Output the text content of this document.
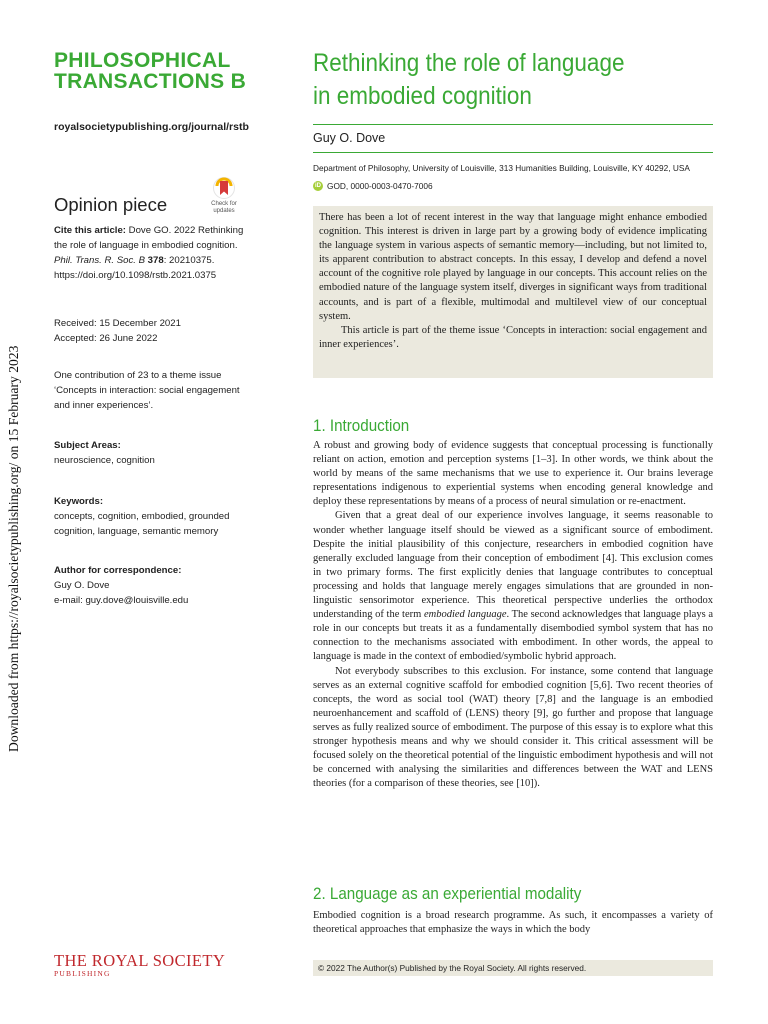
Downloaded from https://royalsocietypublishing.org/ on 15 February 2023
PHILOSOPHICAL
TRANSACTIONS B
royalsocietypublishing.org/journal/rstb
Opinion piece	Check for
updates
Cite this article: Dove GO. 2022 Rethinking the role of language in embodied cognition. Phil. Trans. R. Soc. B 378: 20210375.
https://doi.org/10.1098/rstb.2021.0375
Received: 15 December 2021
Accepted: 26 June 2022
One contribution of 23 to a theme issue ‘Concepts in interaction: social engagement and inner experiences’.
Subject Areas:
neuroscience, cognition
Keywords:
concepts, cognition, embodied, grounded cognition, language, semantic memory
Author for correspondence:
Guy O. Dove
e-mail: guy.dove@louisville.edu
Rethinking the role of language
in embodied cognition
Guy O. Dove
Department of Philosophy, University of Louisville, 313 Humanities Building, Louisville, KY 40292, USA
iD GOD, 0000-0003-0470-7006

There has been a lot of recent interest in the way that language might enhance embodied cognition. This interest is driven in large part by a growing body of evidence implicating the language system in various aspects of semantic memory—including, but not limited to, its apparent contribution to abstract concepts. In this essay, I develop and defend a novel account of the cognitive role played by language in our concepts. This account relies on the embodied nature of the language system itself, diverges in significant ways from traditional accounts, and is part of a flexible, multimodal and multilevel view of our conceptual system.

This article is part of the theme issue ‘Concepts in interaction: social engagement and inner experiences’.

1. Introduction

A robust and growing body of evidence suggests that conceptual processing is functionally reliant on action, emotion and perception systems [1–3]. In other words, we think about the world by means of the same mechanisms that we use to experience it. Our brains leverage representations indigenous to experiential systems when encoding general knowledge and deploy these representations by means of a process of neural simulation or re-enactment.

Given that a great deal of our experience involves language, it seems reasonable to wonder whether language itself should be viewed as a significant source of embodiment. Despite the initial plausibility of this conjecture, researchers in embodied cognition have generally excluded language from their conception of embodiment [4]. This exclusion comes in two primary forms. The first explicitly denies that language contributes to conceptual processing and holds that language merely engages simulations that are grounded in non-linguistic sensorimotor experience. This theoretical perspective underlies the orthodox understanding of the term embodied language. The second acknowledges that language plays a role in our concepts but treats it as a fundamentally disembodied symbol system that has no connection to the mechanisms associated with embodiment. In other words, the appeal to language is made in the context of embodied/symbolic hybrid approach.

Not everybody subscribes to this exclusion. For instance, some contend that language serves as an external cognitive scaffold for embodied cognition [5,6]. Two recent theories of concepts, the word as social tool (WAT) theory [7,8] and the language is an embodied neuroenhancement and scaffold of (LENS) theory [9], go further and propose that language serves as fully realized source of embodiment. The purpose of this essay is to explore what this stronger hypothesis means and why we should consider it. This critical assessment will be focused solely on the theoretical potential of the linguistic embodiment hypothesis and will not be concerned with analysing the similarities and differences between the WAT and LENS theories (for a comparison of these theories, see [10]).

2. Language as an experiential modality

Embodied cognition is a broad research programme. As such, it encompasses a variety of theoretical approaches that emphasize the ways in which the body

THE ROYAL SOCIETY
PUBLISHING
© 2022 The Author(s) Published by the Royal Society. All rights reserved.
